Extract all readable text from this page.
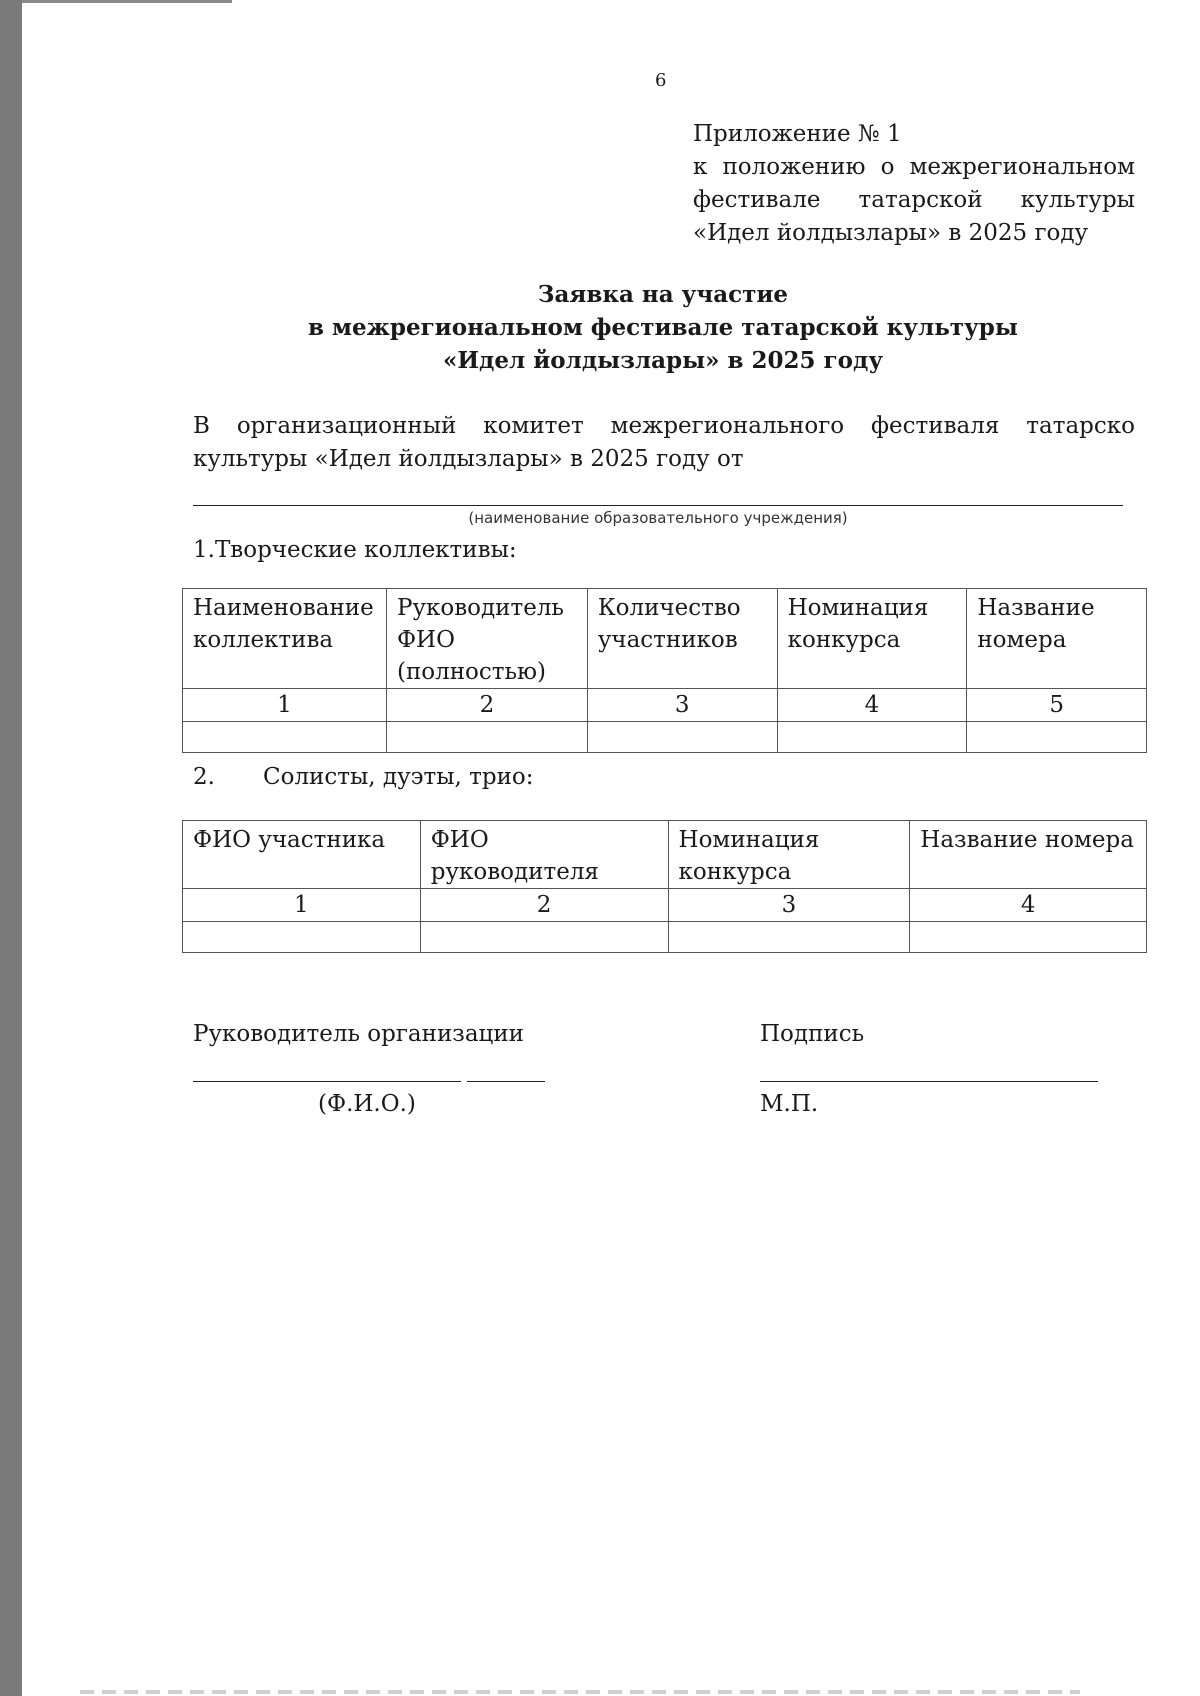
6
Приложение № 1
к положению о межрегиональном
фестивале татарской культуры
«Идел йолдызлары» в 2025 году
Заявка на участие
в межрегиональном фестивале татарской культуры
«Идел йолдызлары» в 2025 году
В организационный комитет межрегионального фестиваля татарско
культуры «Идел йолдызлары» в 2025 году от
(наименование образовательного учреждения)
1.Творческие коллективы:
Наименование коллектива	Руководитель ФИО (полностью)	Количество участников	Номинация конкурса	Название номера
1	2	3	4	5

2. Солисты, дуэты, трио:
ФИО участника	ФИО руководителя	Номинация конкурса	Название номера
1	2	3	4

Руководитель организации	Подпись
(Ф.И.О.)	М.П.
